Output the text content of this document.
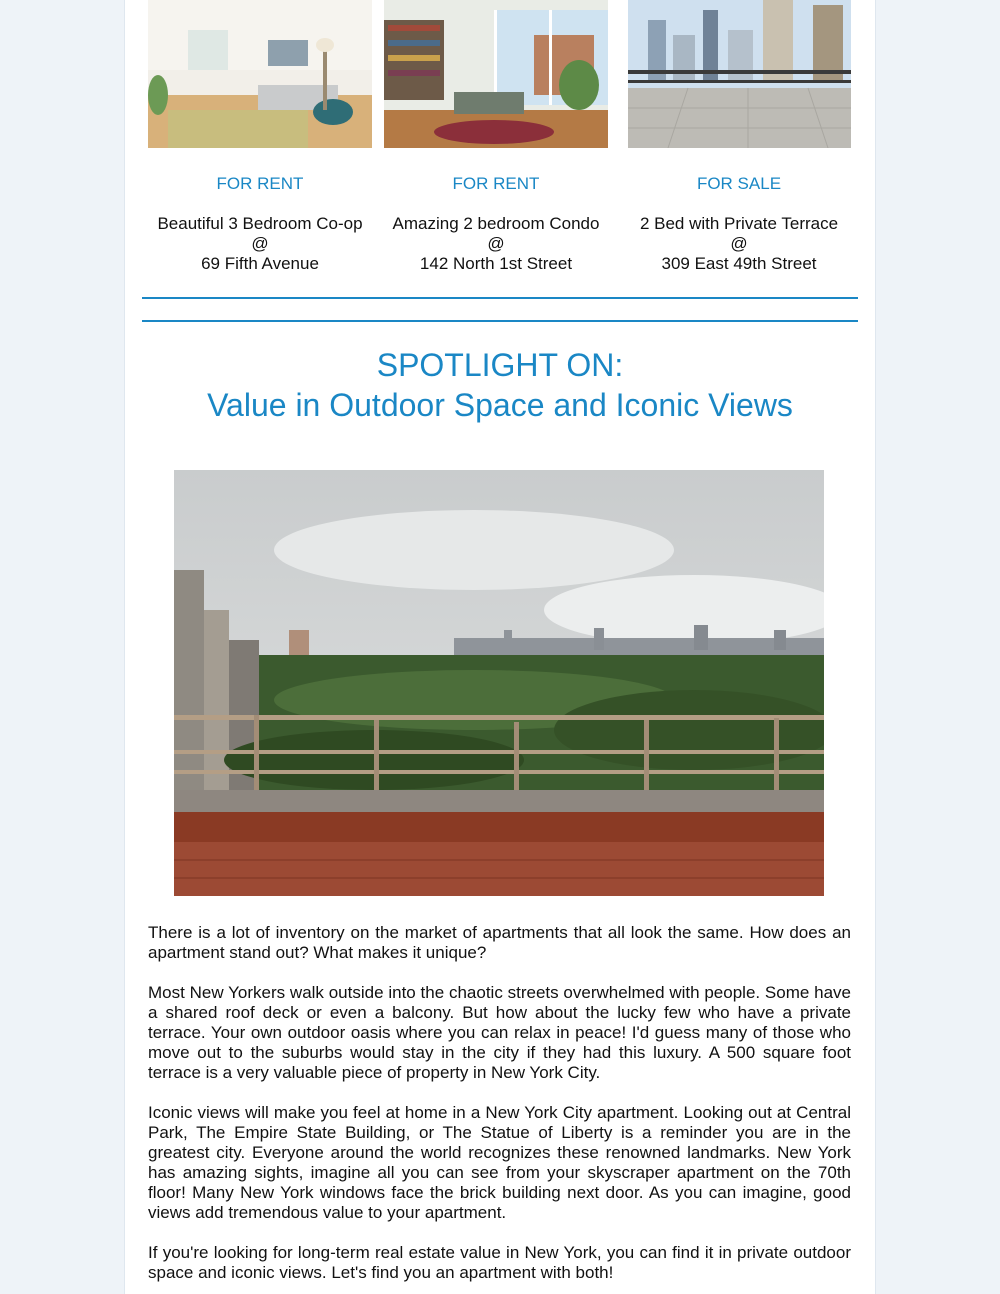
FOR RENT	FOR RENT	FOR SALE
Beautiful 3 Bedroom Co-op
@
69 Fifth Avenue
Amazing 2 bedroom Condo
@
142 North 1st Street
2 Bed with Private Terrace
@
309 East 49th Street
SPOTLIGHT ON:
Value in Outdoor Space and Iconic Views
There is a lot of inventory on the market of apartments that all look the same. How does an apartment stand out? What makes it unique?
Most New Yorkers walk outside into the chaotic streets overwhelmed with people. Some have a shared roof deck or even a balcony. But how about the lucky few who have a private terrace. Your own outdoor oasis where you can relax in peace! I'd guess many of those who move out to the suburbs would stay in the city if they had this luxury. A 500 square foot terrace is a very valuable piece of property in New York City.
Iconic views will make you feel at home in a New York City apartment. Looking out at Central Park, The Empire State Building, or The Statue of Liberty is a reminder you are in the greatest city. Everyone around the world recognizes these renowned landmarks. New York has amazing sights, imagine all you can see from your skyscraper apartment on the 70th floor! Many New York windows face the brick building next door. As you can imagine, good views add tremendous value to your apartment.
If you're looking for long-term real estate value in New York, you can find it in private outdoor space and iconic views. Let's find you an apartment with both!
